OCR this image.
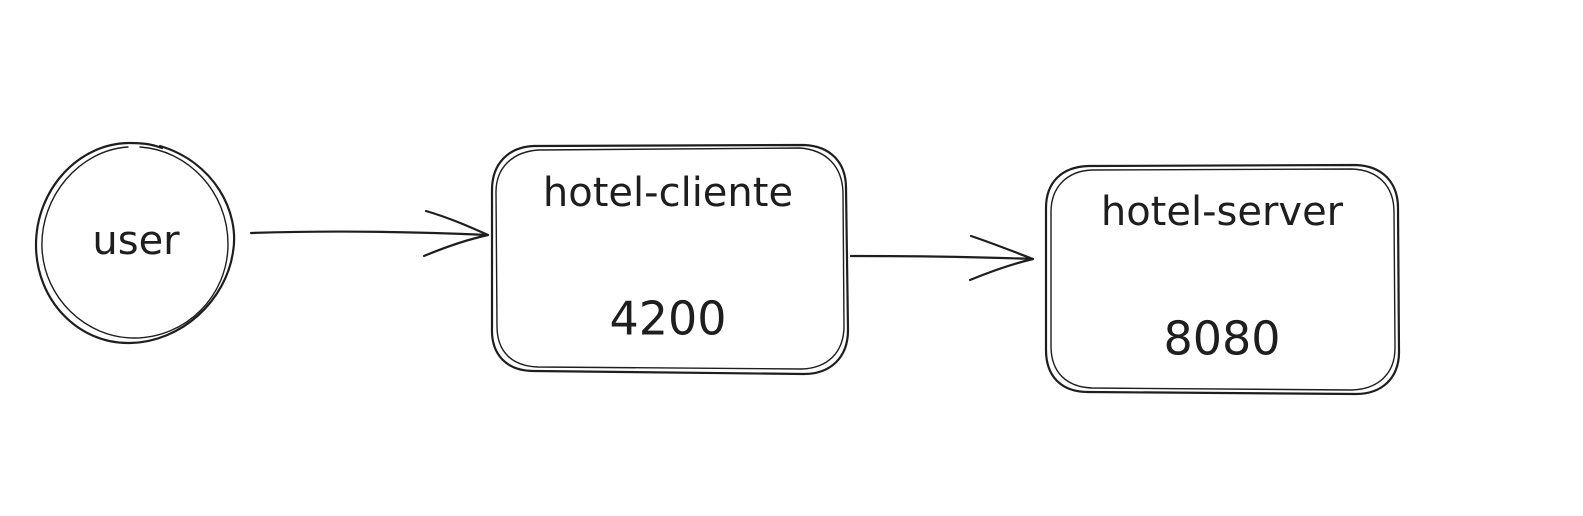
user
hotel-cliente
4200
hotel-server
8080
